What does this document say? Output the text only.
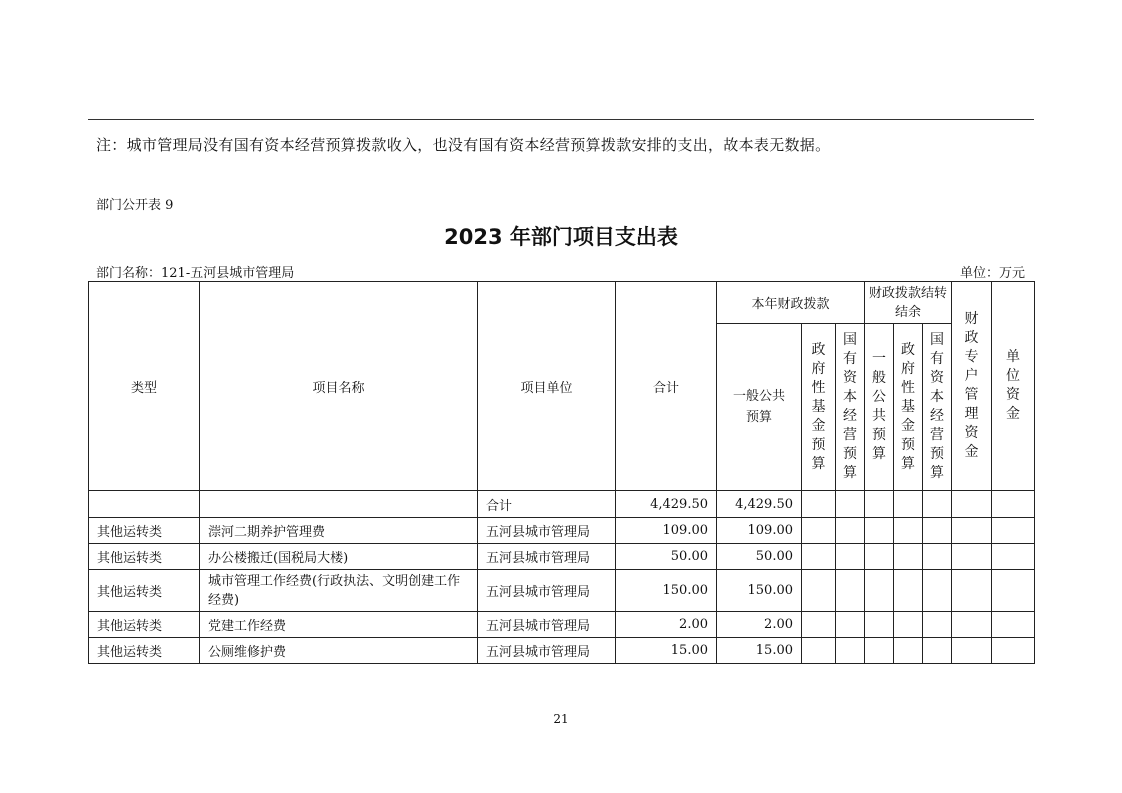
注：城市管理局没有国有资本经营预算拨款收入，也没有国有资本经营预算拨款安排的支出，故本表无数据。
部门公开表 9
2023 年部门项目支出表
部门名称：121-五河县城市管理局	单位：万元
类型	项目名称	项目单位	合计	本年财政拨款			财政拨款结转结余			财政专户管理资金	单位资金
				一般公共预算	政府性基金预算	国有资本经营预算	一般公共预算	政府性基金预算	国有资本经营预算		
		合计	4,429.50	4,429.50							
其他运转类	漴河二期养护管理费	五河县城市管理局	109.00	109.00							
其他运转类	办公楼搬迁(国税局大楼)	五河县城市管理局	50.00	50.00							
其他运转类	城市管理工作经费(行政执法、文明创建工作经费)	五河县城市管理局	150.00	150.00							
其他运转类	党建工作经费	五河县城市管理局	2.00	2.00							
其他运转类	公厕维修护费	五河县城市管理局	15.00	15.00							
21
